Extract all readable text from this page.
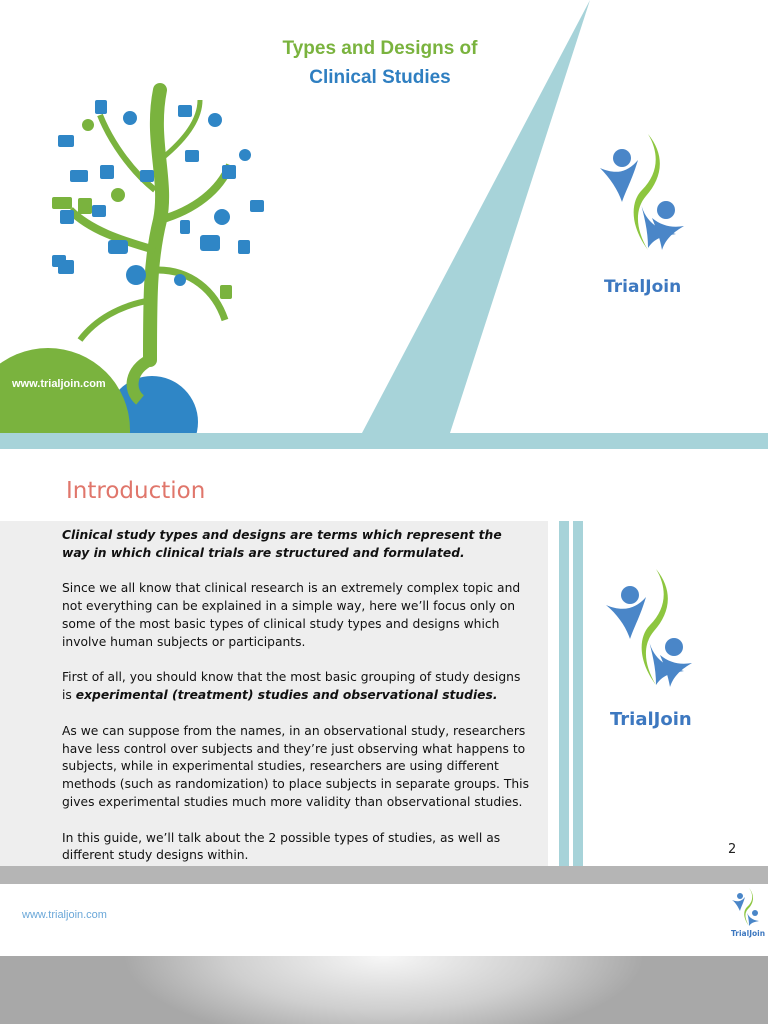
Types and Designs of
Clinical Studies
www.trialjoin.com
TrialJoin
Introduction

Clinical study types and designs are terms which represent the way in which clinical trials are structured and formulated.

Since we all know that clinical research is an extremely complex topic and not everything can be explained in a simple way, here we’ll focus only on some of the most basic types of clinical study types and designs which involve human subjects or participants.

First of all, you should know that the most basic grouping of study designs is experimental (treatment) studies and observational studies.

As we can suppose from the names, in an observational study, researchers have less control over subjects and they’re just observing what happens to subjects, while in experimental studies, researchers are using different methods (such as randomization) to place subjects in separate groups. This gives experimental studies much more validity than observational studies.

In this guide, we’ll talk about the 2 possible types of studies, as well as different study designs within.

TrialJoin
2
www.trialjoin.com
TrialJoin
